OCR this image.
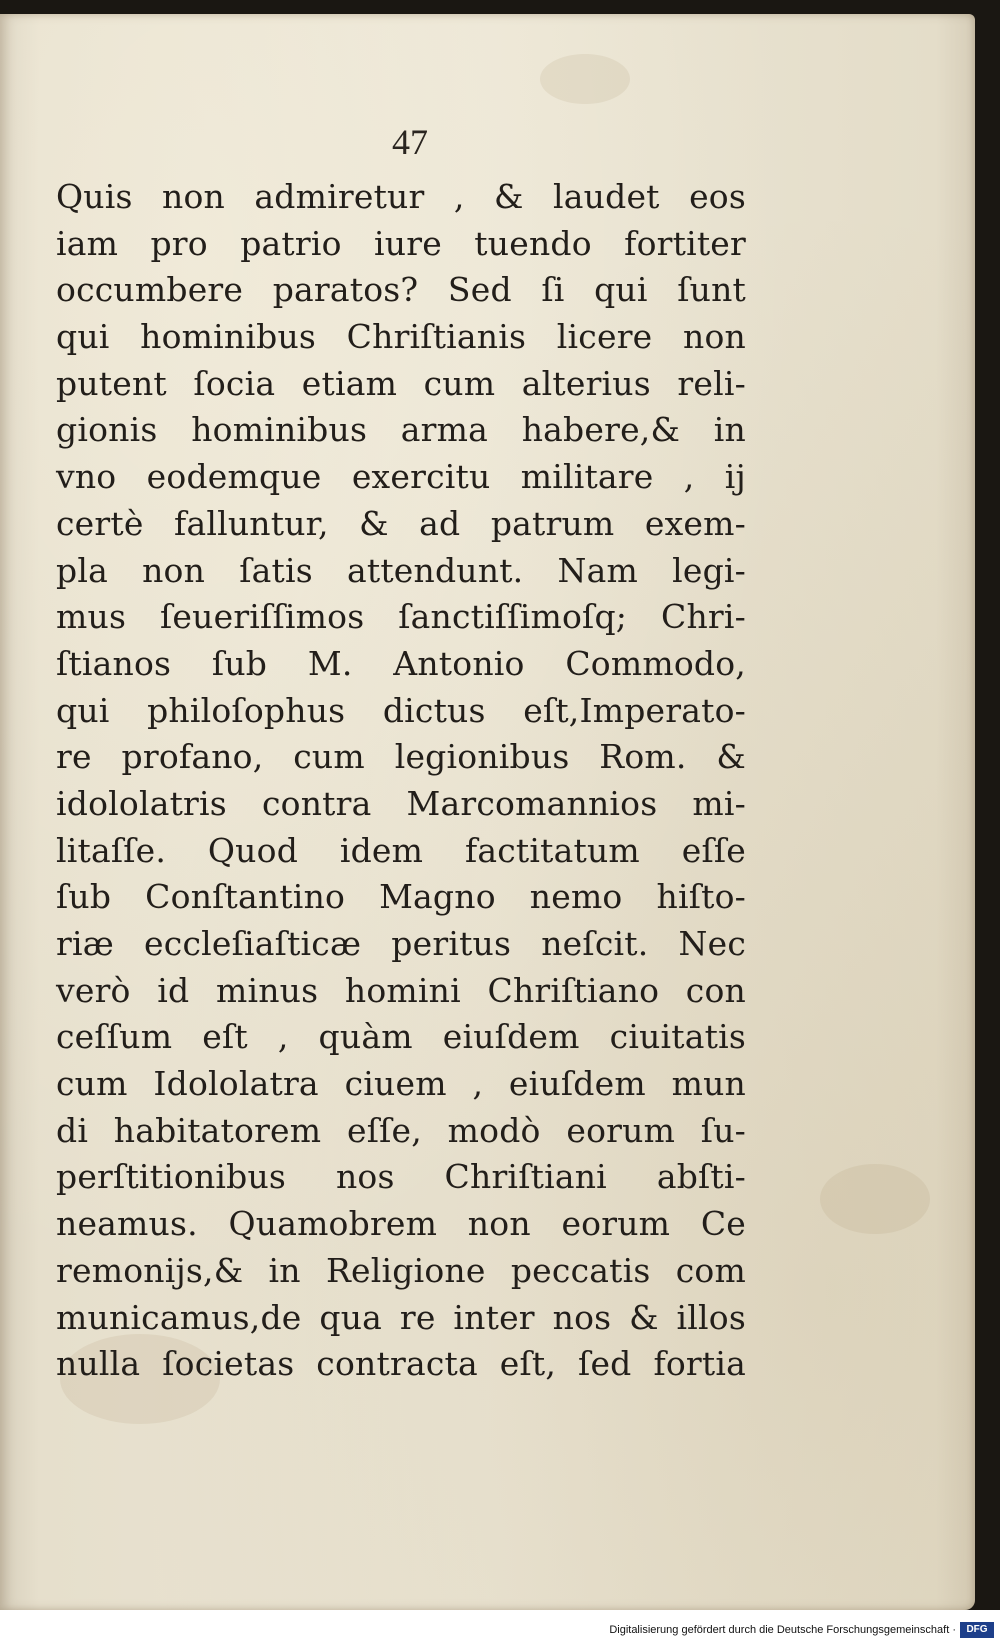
47
Quis non admiretur , & laudet eos
iam pro patrio iure tuendo fortiter
occumbere paratos? Sed ſi qui ſunt
qui hominibus Chriſtianis licere non
putent ſocia etiam cum alterius reli-
gionis hominibus arma habere,& in
vno eodemque exercitu militare , ij
certè falluntur, & ad patrum exem-
pla non ſatis attendunt. Nam legi-
mus ſeueriſſimos ſanctiſſimoſq; Chri-
ſtianos ſub M. Antonio Commodo,
qui philoſophus dictus eſt,Imperato-
re profano, cum legionibus Rom. &
idololatris contra Marcomannios mi-
litaſſe. Quod idem factitatum eſſe
ſub Conſtantino Magno nemo hiſto-
riæ eccleſiaſticæ peritus neſcit. Nec
verò id minus homini Chriſtiano con
ceſſum eſt , quàm eiuſdem ciuitatis
cum Idololatra ciuem , eiuſdem mun
di habitatorem eſſe, modò eorum ſu-
perſtitionibus nos Chriſtiani abſti-
neamus. Quamobrem non eorum Ce
remonijs,& in Religione peccatis com
municamus,de qua re inter nos & illos
nulla ſocietas contracta eſt, ſed fortia
Digitalisierung gefördert durch die Deutsche Forschungsgemeinschaft ·	DFG
